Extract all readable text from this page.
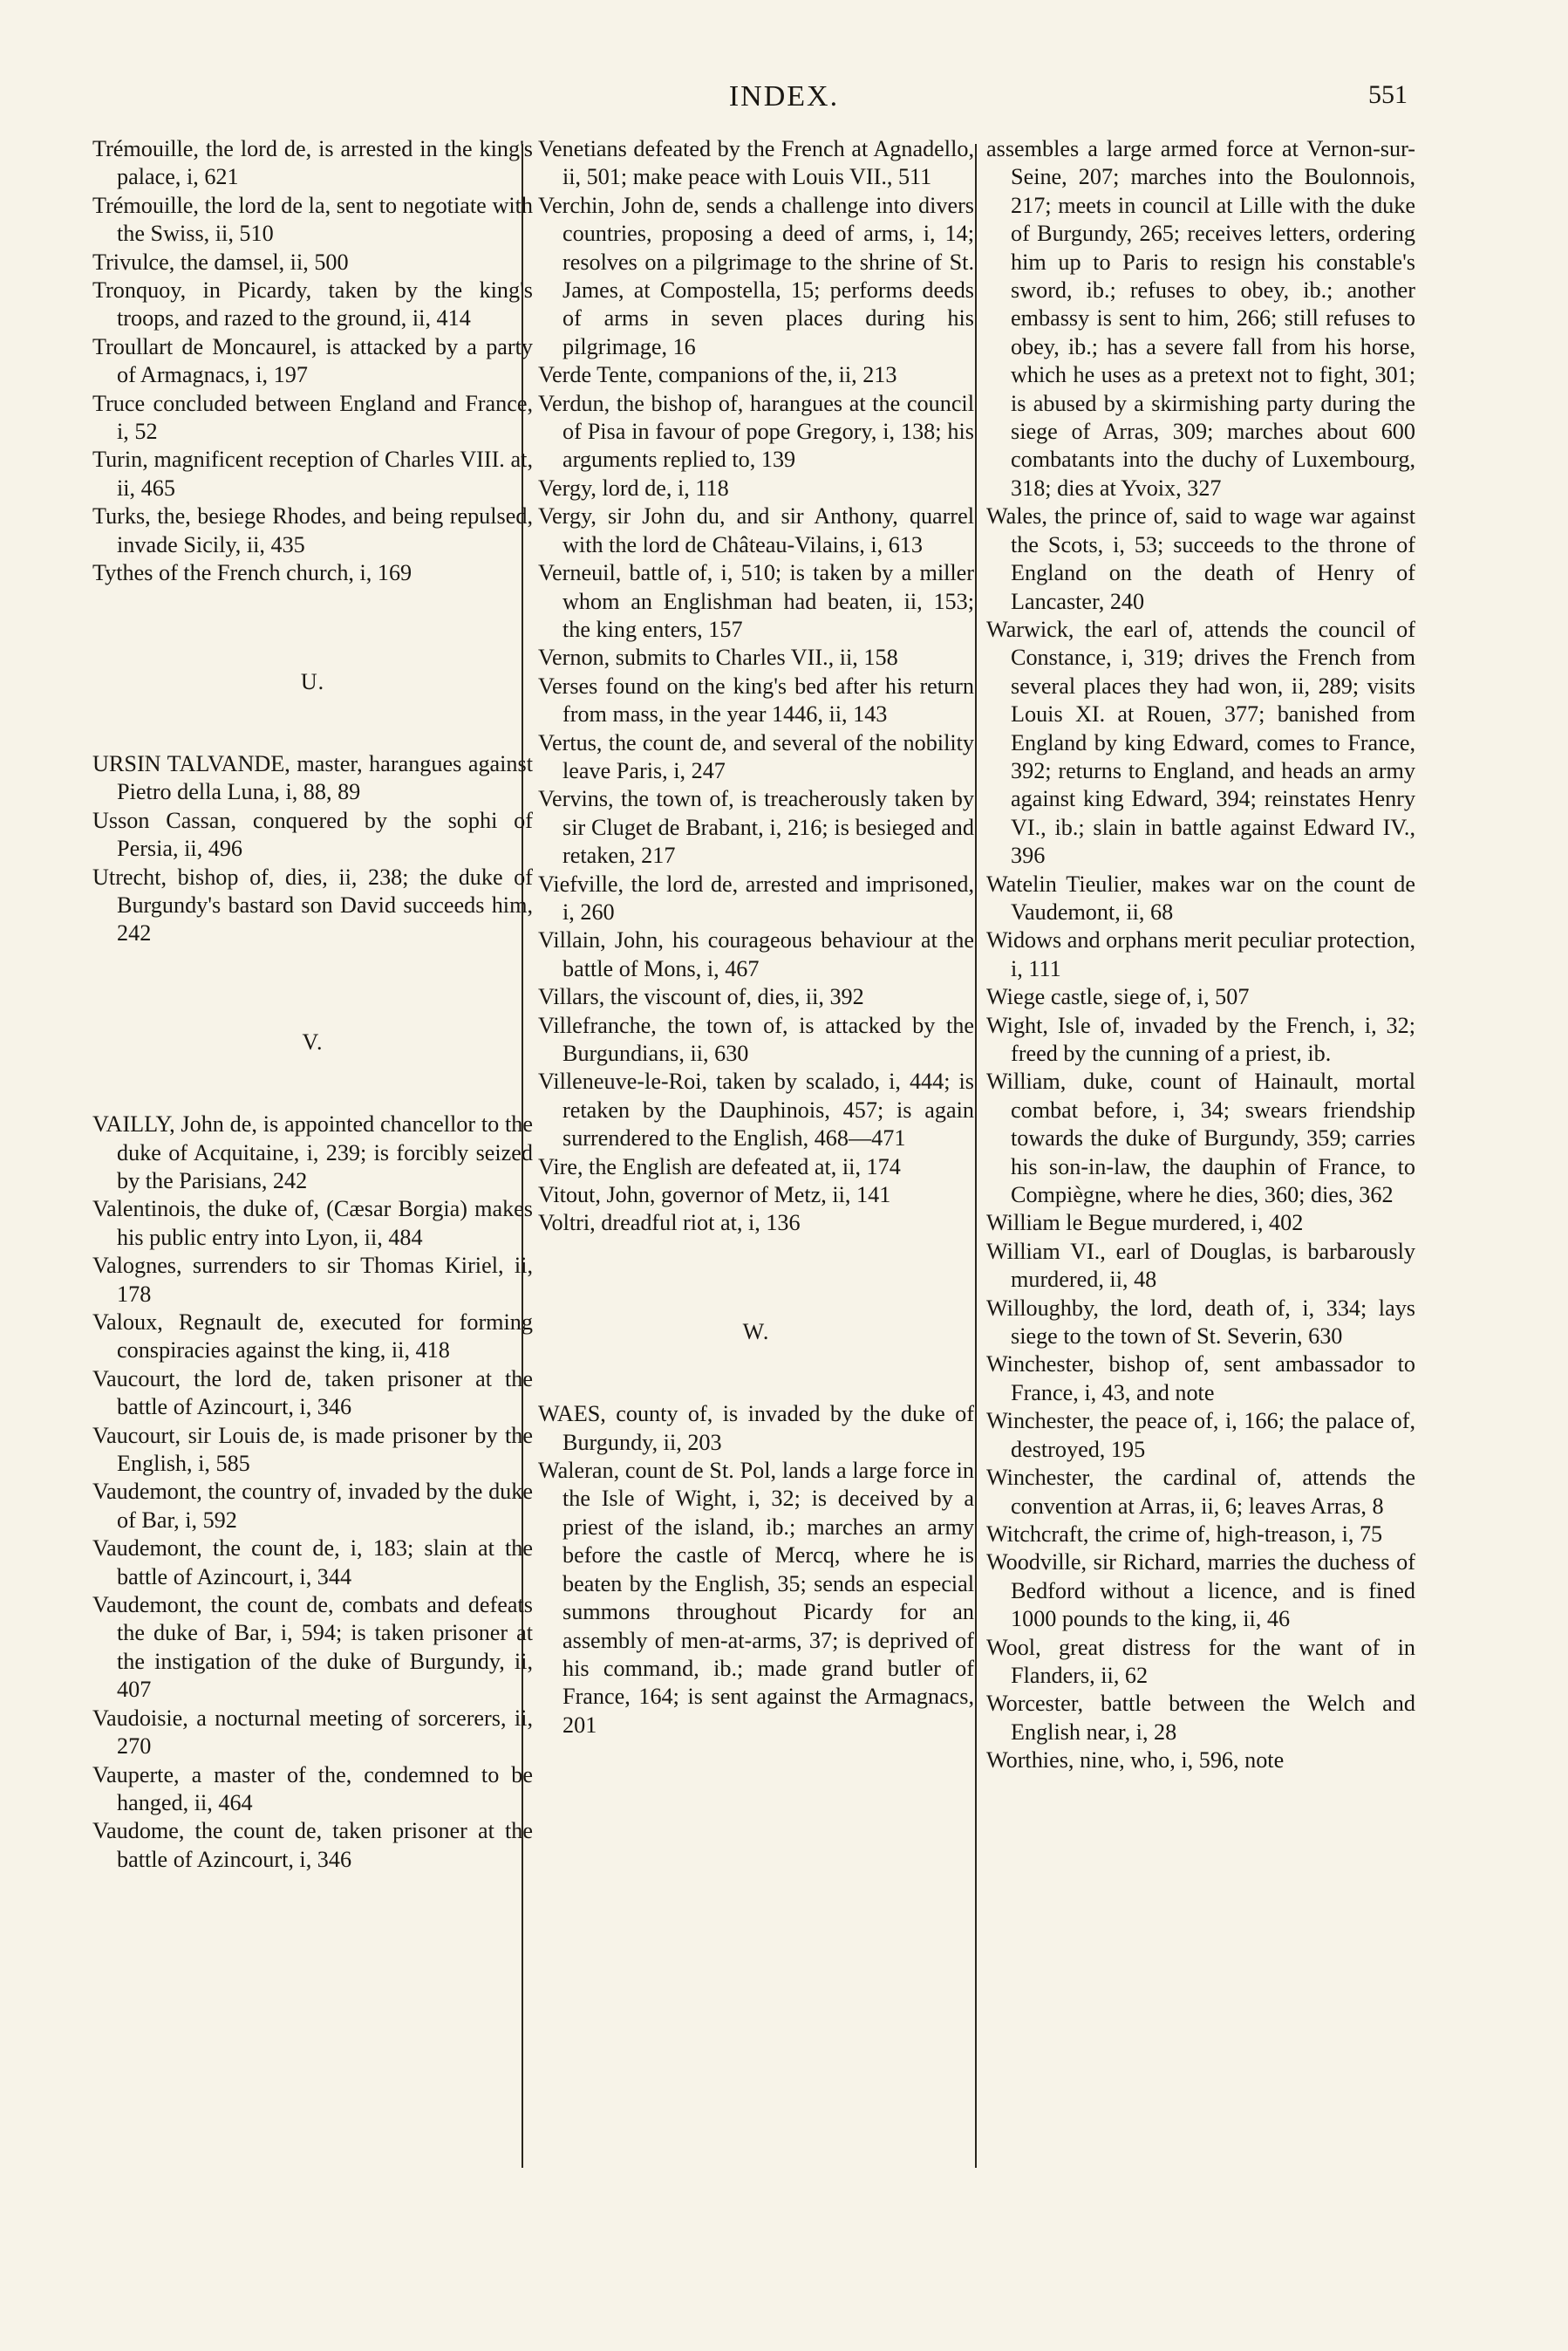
INDEX.	551
Trémouille, the lord de, is arrested in the king's palace, i, 621
Trémouille, the lord de la, sent to negotiate with the Swiss, ii, 510
Trivulce, the damsel, ii, 500
Tronquoy, in Picardy, taken by the king's troops, and razed to the ground, ii, 414
Troullart de Moncaurel, is attacked by a party of Armagnacs, i, 197
Truce concluded between England and France, i, 52
Turin, magnificent reception of Charles VIII. at, ii, 465
Turks, the, besiege Rhodes, and being repulsed, invade Sicily, ii, 435
Tythes of the French church, i, 169
U.
URSIN TALVANDE, master, harangues against Pietro della Luna, i, 88, 89
Usson Cassan, conquered by the sophi of Persia, ii, 496
Utrecht, bishop of, dies, ii, 238; the duke of Burgundy's bastard son David succeeds him, 242
V.
VAILLY, John de, is appointed chancellor to the duke of Acquitaine, i, 239; is forcibly seized by the Parisians, 242
Valentinois, the duke of, (Cæsar Borgia) makes his public entry into Lyon, ii, 484
Valognes, surrenders to sir Thomas Kiriel, ii, 178
Valoux, Regnault de, executed for forming conspiracies against the king, ii, 418
Vaucourt, the lord de, taken prisoner at the battle of Azincourt, i, 346
Vaucourt, sir Louis de, is made prisoner by the English, i, 585
Vaudemont, the country of, invaded by the duke of Bar, i, 592
Vaudemont, the count de, i, 183; slain at the battle of Azincourt, i, 344
Vaudemont, the count de, combats and defeats the duke of Bar, i, 594; is taken prisoner at the instigation of the duke of Burgundy, ii, 407
Vaudoisie, a nocturnal meeting of sorcerers, ii, 270
Vauperte, a master of the, condemned to be hanged, ii, 464
Vaudome, the count de, taken prisoner at the battle of Azincourt, i, 346
Venetians defeated by the French at Agnadello, ii, 501; make peace with Louis VII., 511
Verchin, John de, sends a challenge into divers countries, proposing a deed of arms, i, 14; resolves on a pilgrimage to the shrine of St. James, at Compostella, 15; performs deeds of arms in seven places during his pilgrimage, 16
Verde Tente, companions of the, ii, 213
Verdun, the bishop of, harangues at the council of Pisa in favour of pope Gregory, i, 138; his arguments replied to, 139
Vergy, lord de, i, 118
Vergy, sir John du, and sir Anthony, quarrel with the lord de Château-Vilains, i, 613
Verneuil, battle of, i, 510; is taken by a miller whom an Englishman had beaten, ii, 153; the king enters, 157
Vernon, submits to Charles VII., ii, 158
Verses found on the king's bed after his return from mass, in the year 1446, ii, 143
Vertus, the count de, and several of the nobility leave Paris, i, 247
Vervins, the town of, is treacherously taken by sir Cluget de Brabant, i, 216; is besieged and retaken, 217
Viefville, the lord de, arrested and imprisoned, i, 260
Villain, John, his courageous behaviour at the battle of Mons, i, 467
Villars, the viscount of, dies, ii, 392
Villefranche, the town of, is attacked by the Burgundians, ii, 630
Villeneuve-le-Roi, taken by scalado, i, 444; is retaken by the Dauphinois, 457; is again surrendered to the English, 468—471
Vire, the English are defeated at, ii, 174
Vitout, John, governor of Metz, ii, 141
Voltri, dreadful riot at, i, 136
W.
WAES, county of, is invaded by the duke of Burgundy, ii, 203
Waleran, count de St. Pol, lands a large force in the Isle of Wight, i, 32; is deceived by a priest of the island, ib.; marches an army before the castle of Mercq, where he is beaten by the English, 35; sends an especial summons throughout Picardy for an assembly of men-at-arms, 37; is deprived of his command, ib.; made grand butler of France, 164; is sent against the Armagnacs, 201
assembles a large armed force at Vernon-sur-Seine, 207; marches into the Boulonnois, 217; meets in council at Lille with the duke of Burgundy, 265; receives letters, ordering him up to Paris to resign his constable's sword, ib.; refuses to obey, ib.; another embassy is sent to him, 266; still refuses to obey, ib.; has a severe fall from his horse, which he uses as a pretext not to fight, 301; is abused by a skirmishing party during the siege of Arras, 309; marches about 600 combatants into the duchy of Luxembourg, 318; dies at Yvoix, 327
Wales, the prince of, said to wage war against the Scots, i, 53; succeeds to the throne of England on the death of Henry of Lancaster, 240
Warwick, the earl of, attends the council of Constance, i, 319; drives the French from several places they had won, ii, 289; visits Louis XI. at Rouen, 377; banished from England by king Edward, comes to France, 392; returns to England, and heads an army against king Edward, 394; reinstates Henry VI., ib.; slain in battle against Edward IV., 396
Watelin Tieulier, makes war on the count de Vaudemont, ii, 68
Widows and orphans merit peculiar protection, i, 111
Wiege castle, siege of, i, 507
Wight, Isle of, invaded by the French, i, 32; freed by the cunning of a priest, ib.
William, duke, count of Hainault, mortal combat before, i, 34; swears friendship towards the duke of Burgundy, 359; carries his son-in-law, the dauphin of France, to Compiègne, where he dies, 360; dies, 362
William le Begue murdered, i, 402
William VI., earl of Douglas, is barbarously murdered, ii, 48
Willoughby, the lord, death of, i, 334; lays siege to the town of St. Severin, 630
Winchester, bishop of, sent ambassador to France, i, 43, and note
Winchester, the peace of, i, 166; the palace of, destroyed, 195
Winchester, the cardinal of, attends the convention at Arras, ii, 6; leaves Arras, 8
Witchcraft, the crime of, high-treason, i, 75
Woodville, sir Richard, marries the duchess of Bedford without a licence, and is fined 1000 pounds to the king, ii, 46
Wool, great distress for the want of in Flanders, ii, 62
Worcester, battle between the Welch and English near, i, 28
Worthies, nine, who, i, 596, note
